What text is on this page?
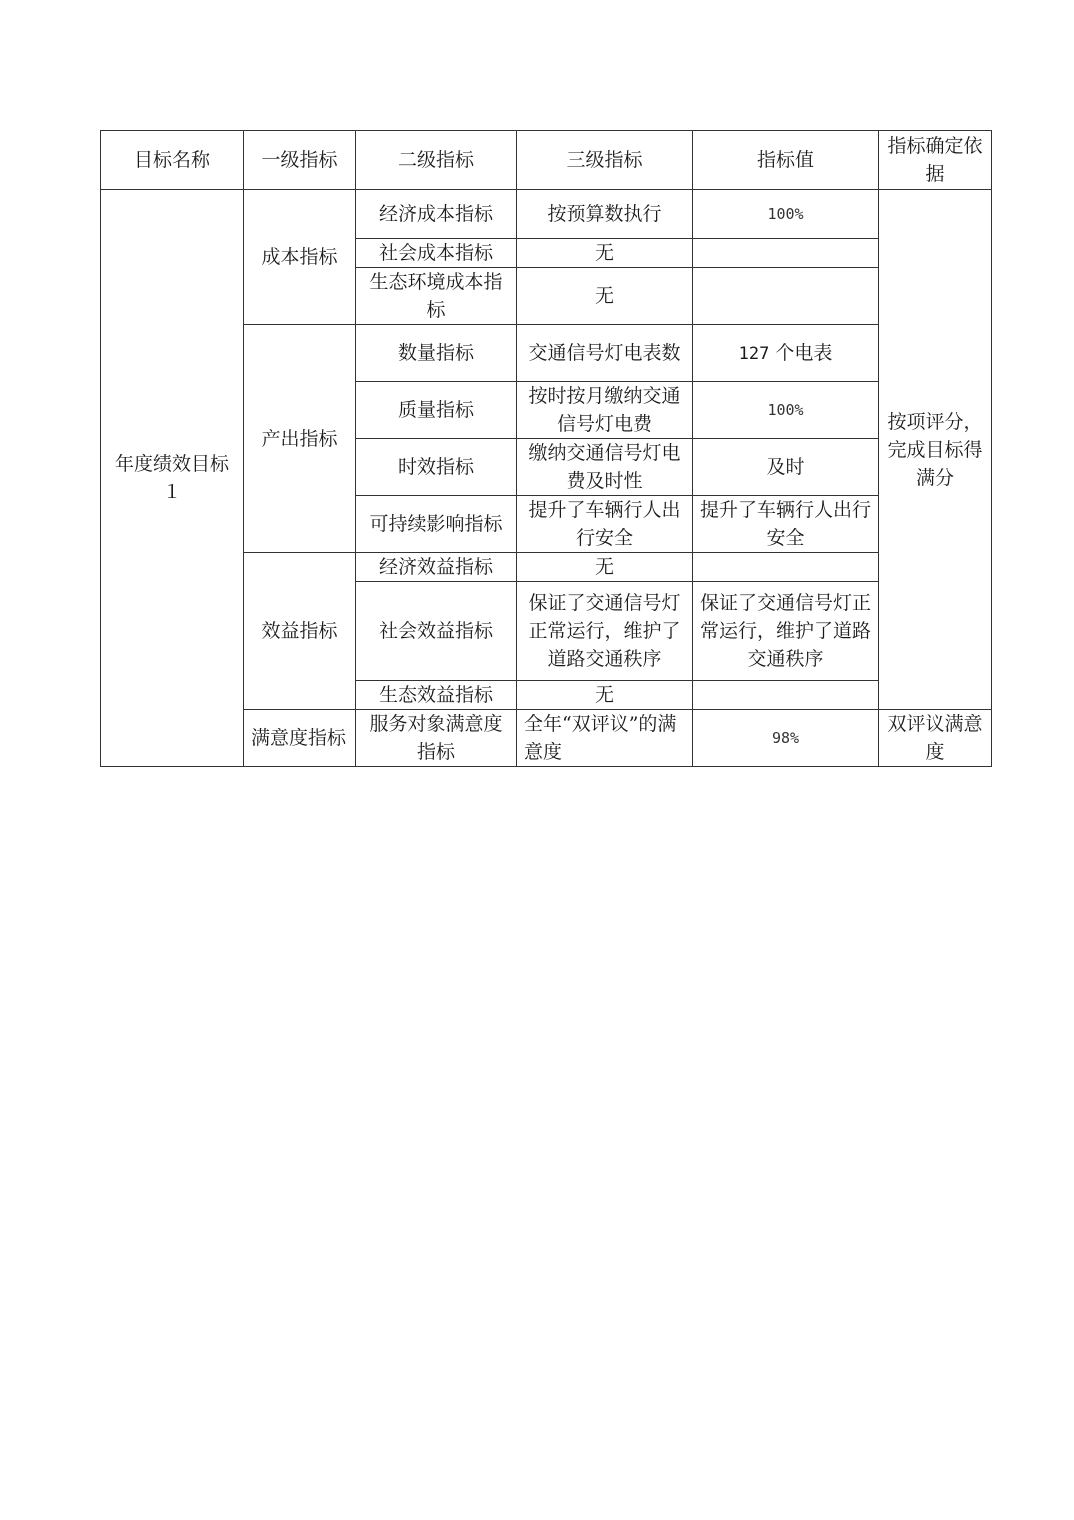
目标名称	一级指标	二级指标	三级指标	指标值	指标确定依据
年度绩效目标１	成本指标	经济成本指标	按预算数执行	100%	按项评分，完成目标得满分
		社会成本指标	无		
		生态环境成本指标	无		
	产出指标	数量指标	交通信号灯电表数	127 个电表	
		质量指标	按时按月缴纳交通信号灯电费	100%	
		时效指标	缴纳交通信号灯电费及时性	及时	
		可持续影响指标	提升了车辆行人出行安全	提升了车辆行人出行安全	
	效益指标	经济效益指标	无		
		社会效益指标	保证了交通信号灯正常运行，维护了道路交通秩序	保证了交通信号灯正常运行，维护了道路交通秩序	
		生态效益指标	无		
	满意度指标	服务对象满意度指标	全年“双评议”的满意度	98%	双评议满意度
